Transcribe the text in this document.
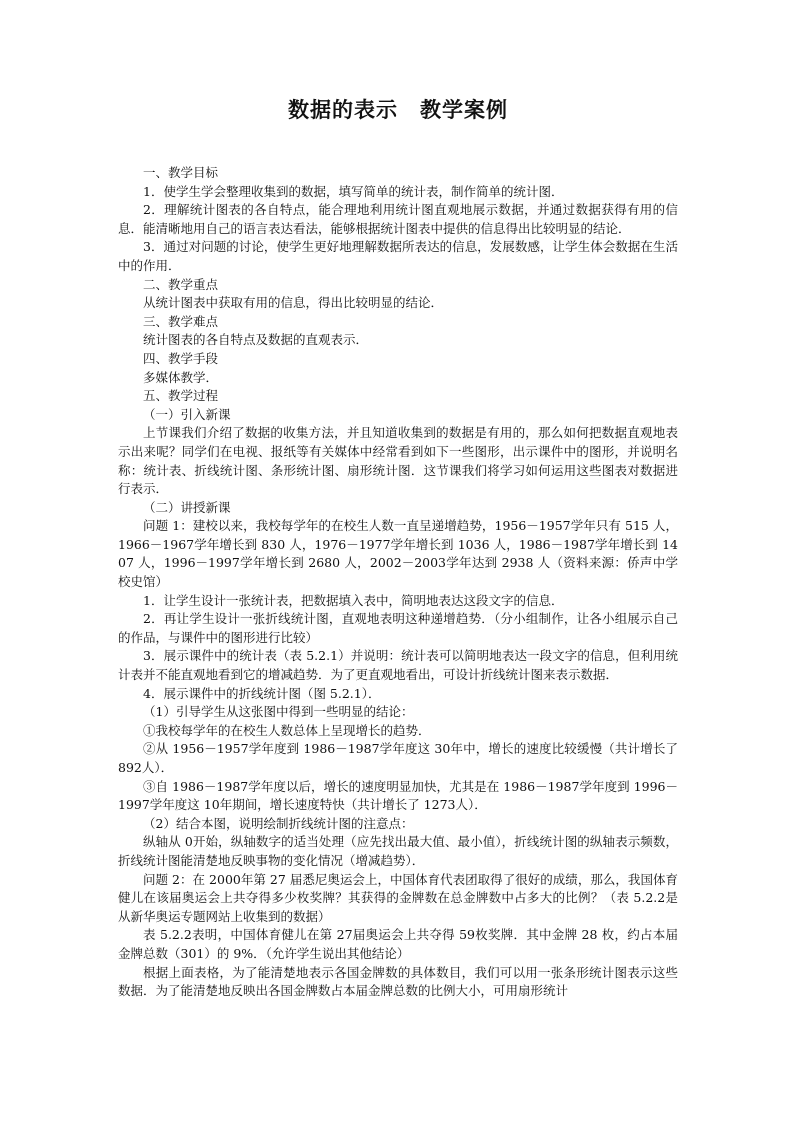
数据的表示　教学案例

一、教学目标

1．使学生学会整理收集到的数据，填写简单的统计表，制作简单的统计图．

2．理解统计图表的各自特点，能合理地利用统计图直观地展示数据，并通过数据获得有用的信息．能清晰地用自己的语言表达看法，能够根据统计图表中提供的信息得出比较明显的结论．

3．通过对问题的讨论，使学生更好地理解数据所表达的信息，发展数感，让学生体会数据在生活中的作用．

二、教学重点

从统计图表中获取有用的信息，得出比较明显的结论．

三、教学难点

统计图表的各自特点及数据的直观表示．

四、教学手段

多媒体教学．

五、教学过程

（一）引入新课

上节课我们介绍了数据的收集方法，并且知道收集到的数据是有用的，那么如何把数据直观地表示出来呢？同学们在电视、报纸等有关媒体中经常看到如下一些图形，出示课件中的图形，并说明名称：统计表、折线统计图、条形统计图、扇形统计图．这节课我们将学习如何运用这些图表对数据进行表示．

（二）讲授新课

问题 1：建校以来，我校每学年的在校生人数一直呈递增趋势，1956－1957学年只有 515 人，1966－1967学年增长到 830 人，1976－1977学年增长到 1036 人，1986－1987学年增长到 1407 人，1996－1997学年增长到 2680 人，2002－2003学年达到 2938 人（资料来源：侨声中学校史馆）

1．让学生设计一张统计表，把数据填入表中，简明地表达这段文字的信息．

2．再让学生设计一张折线统计图，直观地表明这种递增趋势．（分小组制作，让各小组展示自己的作品，与课件中的图形进行比较）

3．展示课件中的统计表（表 5.2.1）并说明：统计表可以简明地表达一段文字的信息，但利用统计表并不能直观地看到它的增减趋势．为了更直观地看出，可设计折线统计图来表示数据．

4．展示课件中的折线统计图（图 5.2.1）．

（1）引导学生从这张图中得到一些明显的结论：

①我校每学年的在校生人数总体上呈现增长的趋势．

②从 1956－1957学年度到 1986－1987学年度这 30年中，增长的速度比较缓慢（共计增长了 892人）．

③自 1986－1987学年度以后，增长的速度明显加快，尤其是在 1986－1987学年度到 1996－1997学年度这 10年期间，增长速度特快（共计增长了 1273人）．

（2）结合本图，说明绘制折线统计图的注意点：

纵轴从 0开始，纵轴数字的适当处理（应先找出最大值、最小值），折线统计图的纵轴表示频数，折线统计图能清楚地反映事物的变化情况（增减趋势）．

问题 2：在 2000年第 27 届悉尼奥运会上，中国体育代表团取得了很好的成绩，那么，我国体育健儿在该届奥运会上共夺得多少枚奖牌？其获得的金牌数在总金牌数中占多大的比例？（表 5.2.2是从新华奥运专题网站上收集到的数据）

表 5.2.2表明，中国体育健儿在第 27届奥运会上共夺得 59枚奖牌．其中金牌 28 枚，约占本届金牌总数（301）的 9%．（允许学生说出其他结论）

根据上面表格，为了能清楚地表示各国金牌数的具体数目，我们可以用一张条形统计图表示这些数据．为了能清楚地反映出各国金牌数占本届金牌总数的比例大小，可用扇形统计
